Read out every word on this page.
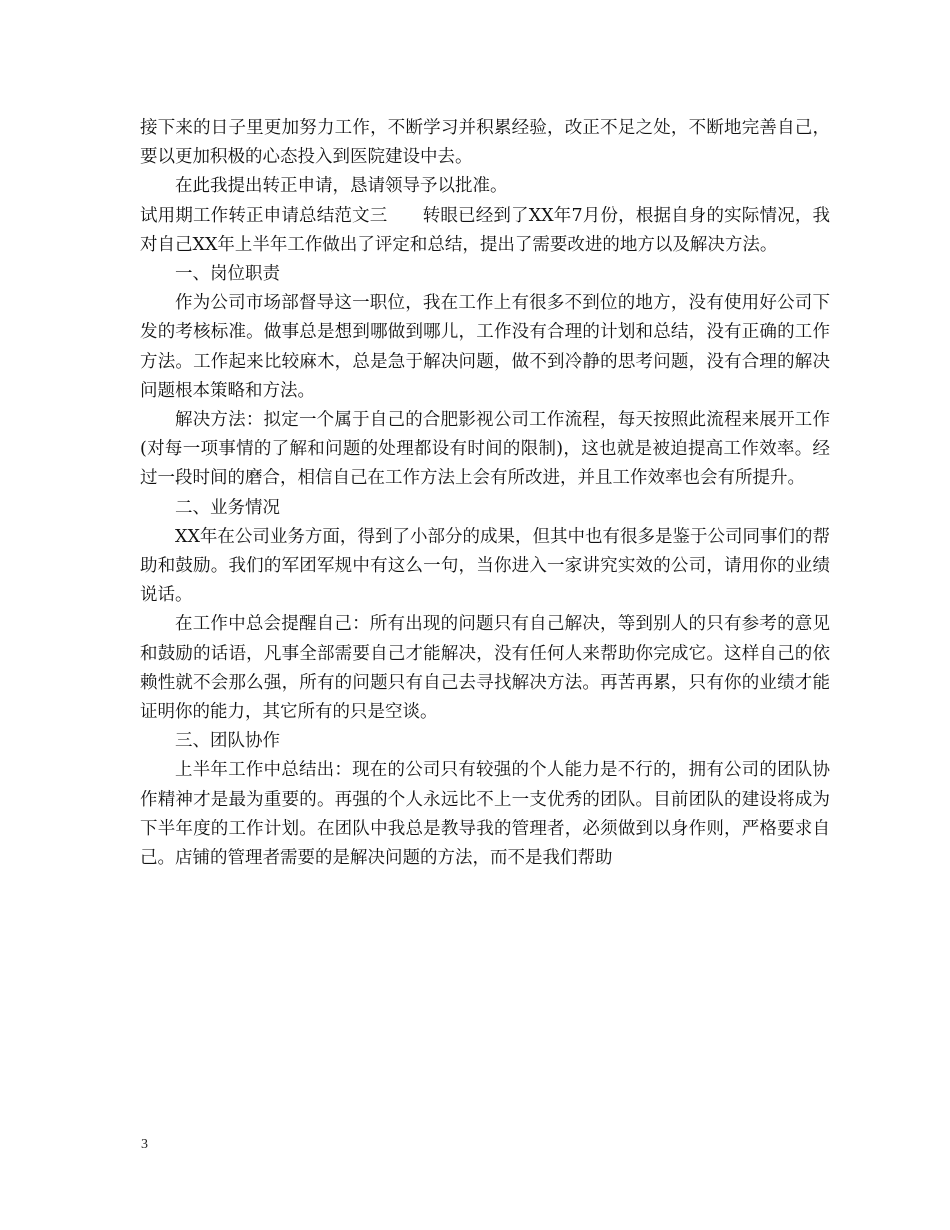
接下来的日子里更加努力工作，不断学习并积累经验，改正不足之处，不断地完善自己，要以更加积极的心态投入到医院建设中去。

在此我提出转正申请，恳请领导予以批准。

试用期工作转正申请总结范文三　　转眼已经到了XX年7月份，根据自身的实际情况，我对自己XX年上半年工作做出了评定和总结，提出了需要改进的地方以及解决方法。

一、岗位职责

作为公司市场部督导这一职位，我在工作上有很多不到位的地方，没有使用好公司下发的考核标准。做事总是想到哪做到哪儿，工作没有合理的计划和总结，没有正确的工作方法。工作起来比较麻木，总是急于解决问题，做不到冷静的思考问题，没有合理的解决问题根本策略和方法。

解决方法：拟定一个属于自己的合肥影视公司工作流程，每天按照此流程来展开工作(对每一项事情的了解和问题的处理都设有时间的限制)，这也就是被迫提高工作效率。经过一段时间的磨合，相信自己在工作方法上会有所改进，并且工作效率也会有所提升。

二、业务情况

XX年在公司业务方面，得到了小部分的成果，但其中也有很多是鉴于公司同事们的帮助和鼓励。我们的军团军规中有这么一句，当你进入一家讲究实效的公司，请用你的业绩说话。

在工作中总会提醒自己：所有出现的问题只有自己解决，等到别人的只有参考的意见和鼓励的话语，凡事全部需要自己才能解决，没有任何人来帮助你完成它。这样自己的依赖性就不会那么强，所有的问题只有自己去寻找解决方法。再苦再累，只有你的业绩才能证明你的能力，其它所有的只是空谈。

三、团队协作

上半年工作中总结出：现在的公司只有较强的个人能力是不行的，拥有公司的团队协作精神才是最为重要的。再强的个人永远比不上一支优秀的团队。目前团队的建设将成为下半年度的工作计划。在团队中我总是教导我的管理者，必须做到以身作则，严格要求自己。店铺的管理者需要的是解决问题的方法，而不是我们帮助

3
